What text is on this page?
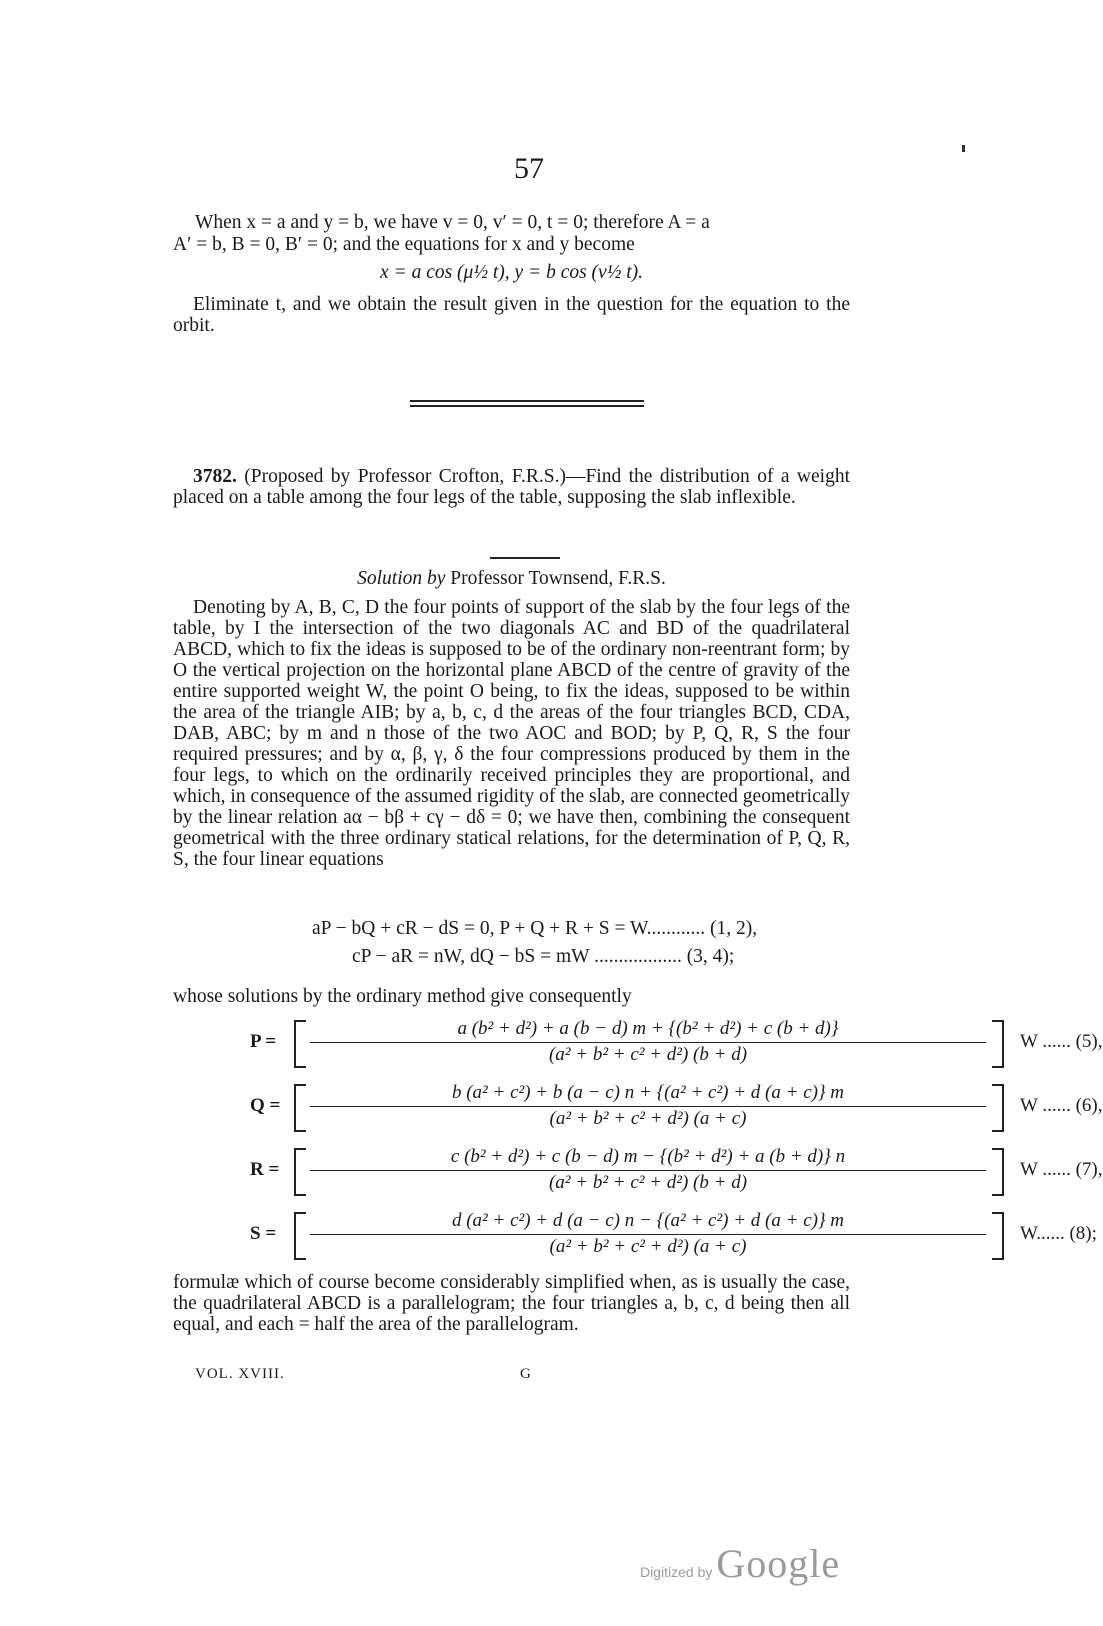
57
When x = a and y = b, we have v = 0, v′ = 0, t = 0; therefore A = a
A′ = b, B = 0, B′ = 0; and the equations for x and y become
x = a cos (μ½ t), y = b cos (ν½ t).
Eliminate t, and we obtain the result given in the question for the equation to the orbit.
3782. (Proposed by Professor Crofton, F.R.S.)—Find the distribution of a weight placed on a table among the four legs of the table, supposing the slab inflexible.
Solution by Professor Townsend, F.R.S.
Denoting by A, B, C, D the four points of support of the slab by the four legs of the table, by I the intersection of the two diagonals AC and BD of the quadrilateral ABCD, which to fix the ideas is supposed to be of the ordinary non-reentrant form; by O the vertical projection on the horizontal plane ABCD of the centre of gravity of the entire supported weight W, the point O being, to fix the ideas, supposed to be within the area of the triangle AIB; by a, b, c, d the areas of the four triangles BCD, CDA, DAB, ABC; by m and n those of the two AOC and BOD; by P, Q, R, S the four required pressures; and by α, β, γ, δ the four compressions produced by them in the four legs, to which on the ordinarily received principles they are proportional, and which, in consequence of the assumed rigidity of the slab, are connected geometrically by the linear relation aα − bβ + cγ − dδ = 0; we have then, combining the consequent geometrical with the three ordinary statical relations, for the determination of P, Q, R, S, the four linear equations
aP − bQ + cR − dS = 0, P + Q + R + S = W............ (1, 2),
cP − aR = nW, dQ − bS = mW .................. (3, 4);
whose solutions by the ordinary method give consequently
P =
a (b² + d²) + a (b − d) m + {(b² + d²) + c (b + d)}
(a² + b² + c² + d²) (b + d)
W ...... (5),
Q =
b (a² + c²) + b (a − c) n + {(a² + c²) + d (a + c)} m
(a² + b² + c² + d²) (a + c)
W ...... (6),
R =
c (b² + d²) + c (b − d) m − {(b² + d²) + a (b + d)} n
(a² + b² + c² + d²) (b + d)
W ...... (7),
S =
d (a² + c²) + d (a − c) n − {(a² + c²) + d (a + c)} m
(a² + b² + c² + d²) (a + c)
W...... (8);
formulæ which of course become considerably simplified when, as is usually the case, the quadrilateral ABCD is a parallelogram; the four triangles a, b, c, d being then all equal, and each = half the area of the parallelogram.
VOL. XVIII.	G
Digitized by Google
